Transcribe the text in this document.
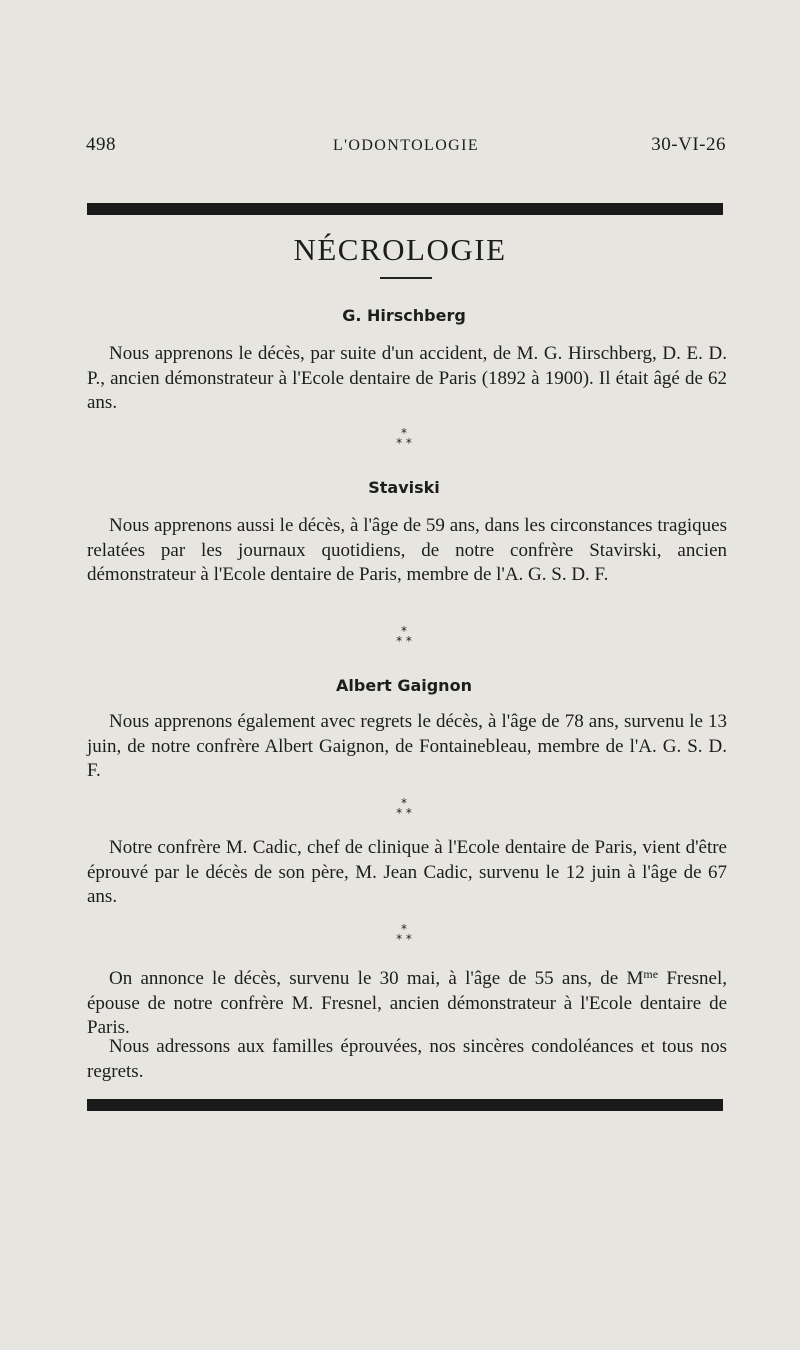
498	L'ODONTOLOGIE	30-VI-26
NÉCROLOGIE
G. Hirschberg
Nous apprenons le décès, par suite d'un accident, de M. G. Hirschberg, D. E. D. P., ancien démonstrateur à l'Ecole dentaire de Paris (1892 à 1900). Il était âgé de 62 ans.
*
* *
Staviski
Nous apprenons aussi le décès, à l'âge de 59 ans, dans les circonstances tragiques relatées par les journaux quotidiens, de notre confrère Stavirski, ancien démonstrateur à l'Ecole dentaire de Paris, membre de l'A. G. S. D. F.
*
* *
Albert Gaignon
Nous apprenons également avec regrets le décès, à l'âge de 78 ans, survenu le 13 juin, de notre confrère Albert Gaignon, de Fontainebleau, membre de l'A. G. S. D. F.
*
* *
Notre confrère M. Cadic, chef de clinique à l'Ecole dentaire de Paris, vient d'être éprouvé par le décès de son père, M. Jean Cadic, survenu le 12 juin à l'âge de 67 ans.
*
* *
On annonce le décès, survenu le 30 mai, à l'âge de 55 ans, de $M^{me}$ Fresnel, épouse de notre confrère M. Fresnel, ancien démonstrateur à l'Ecole dentaire de Paris.
Nous adressons aux familles éprouvées, nos sincères condoléances et tous nos regrets.
